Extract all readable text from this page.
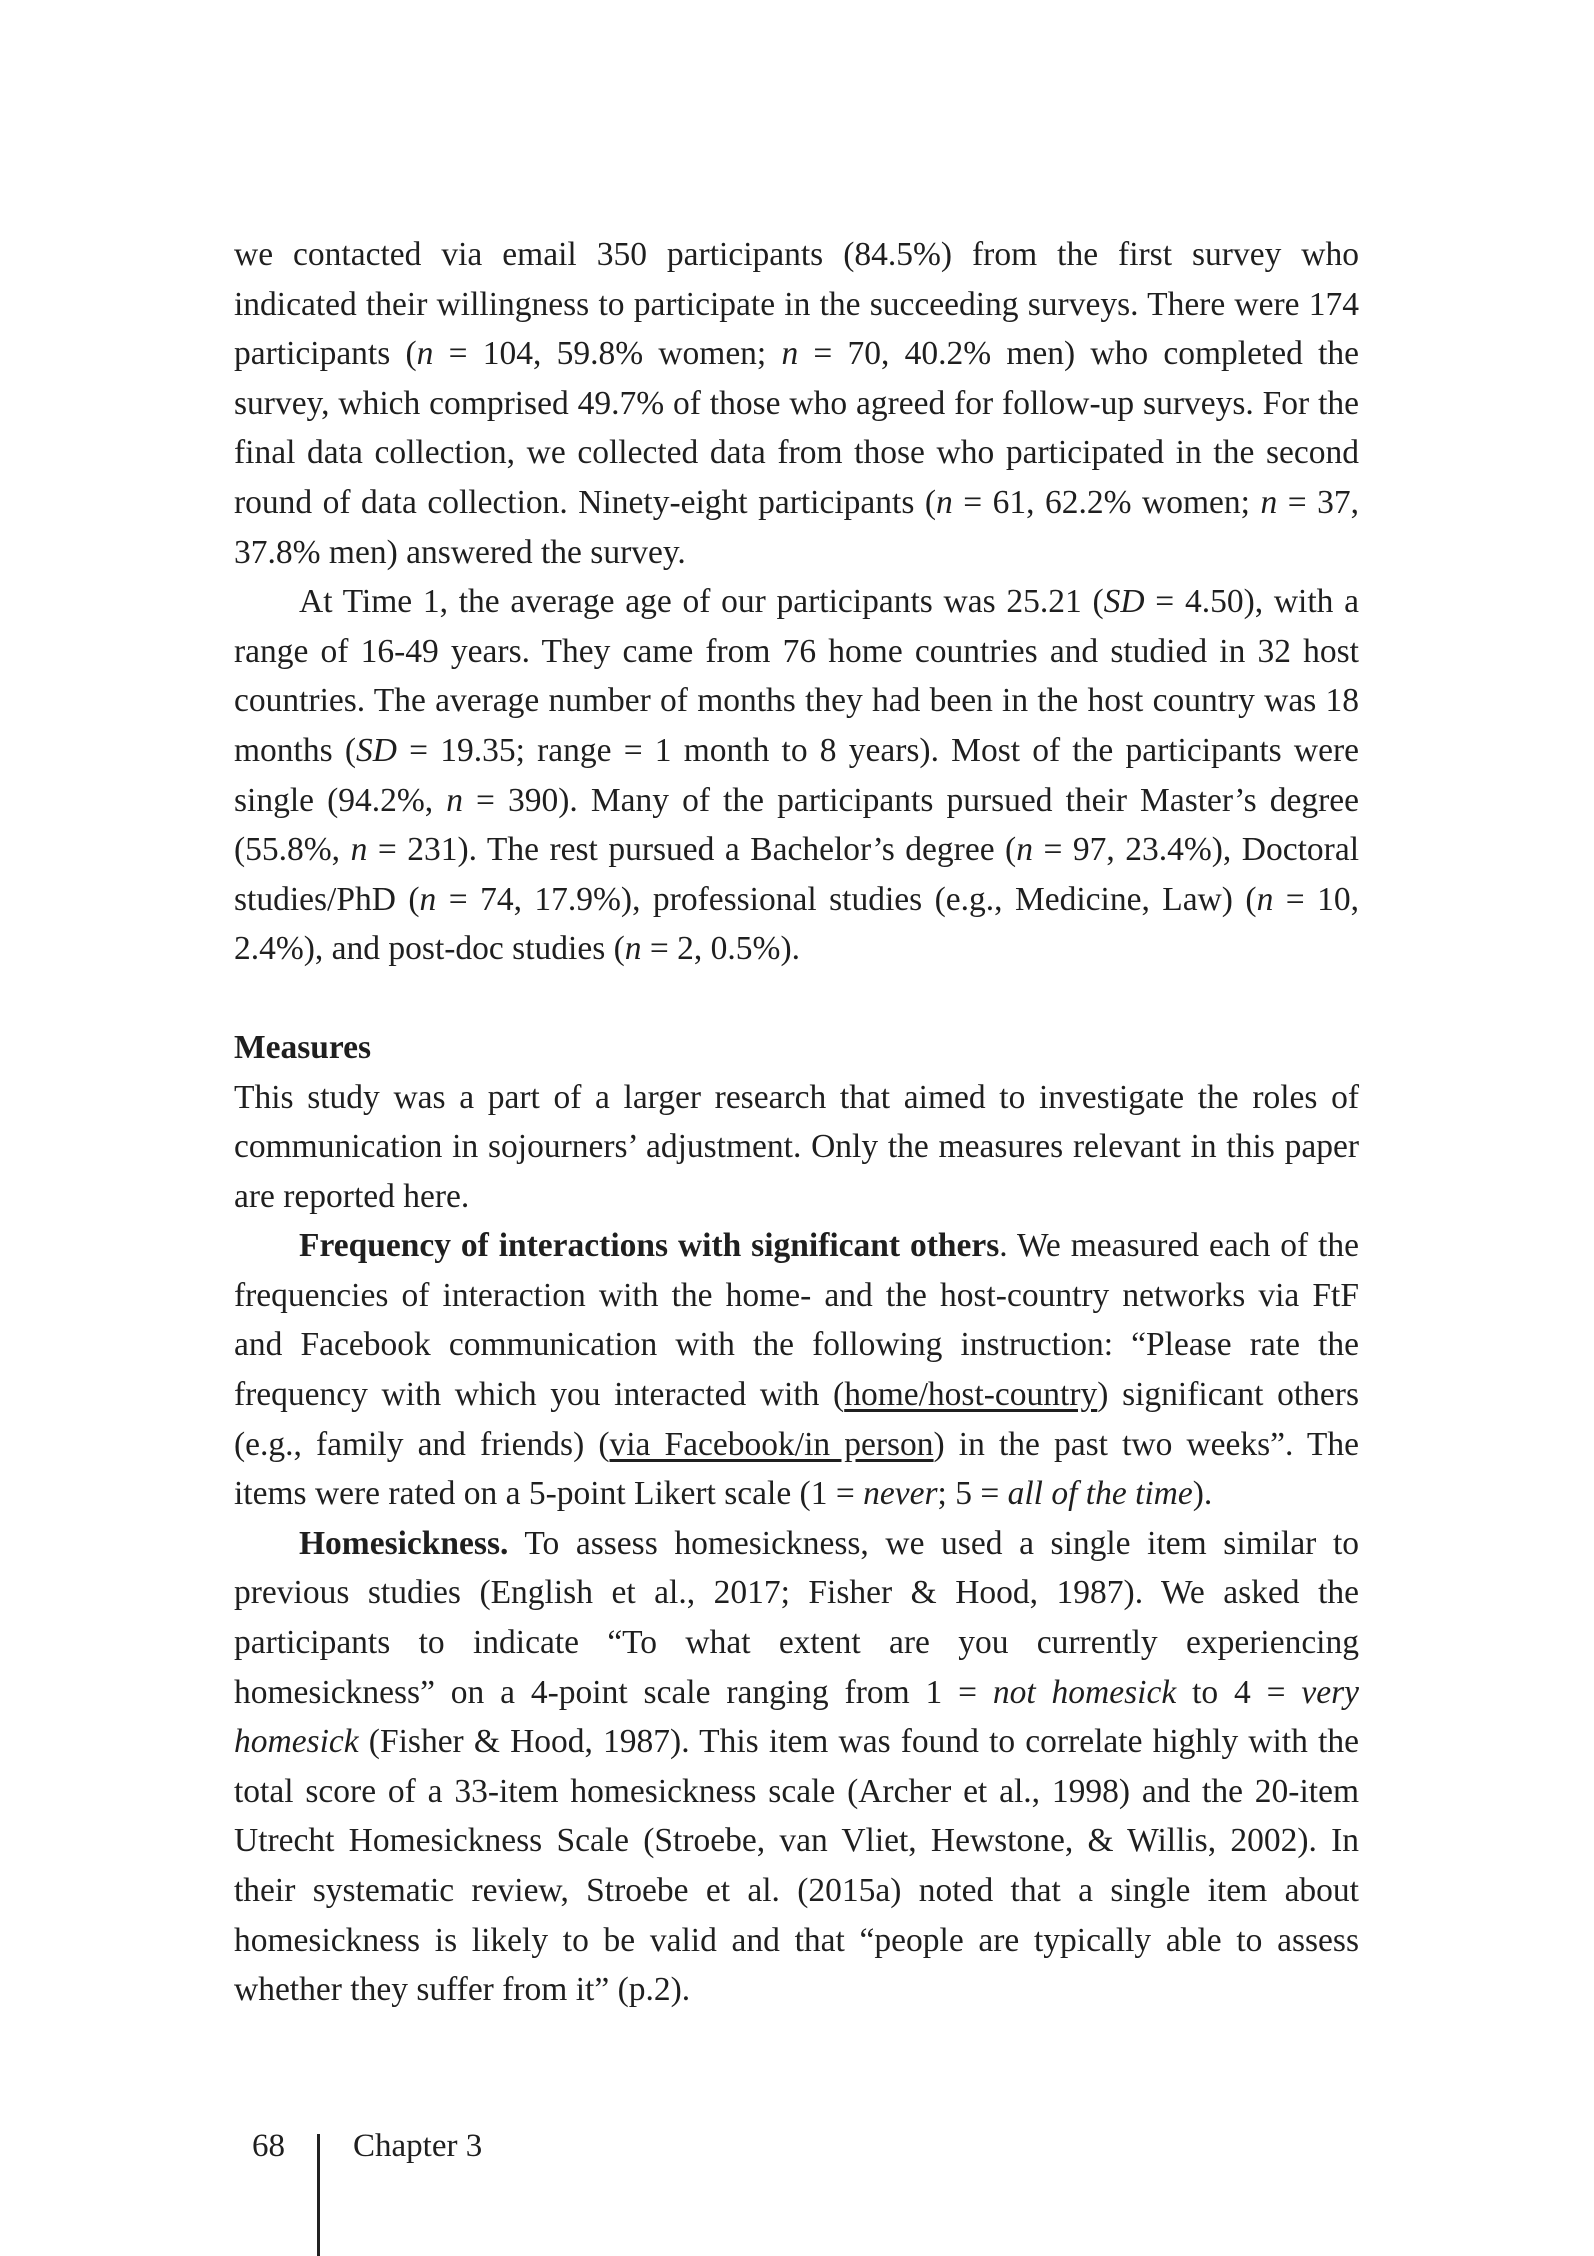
we contacted via email 350 participants (84.5%) from the first survey who indicated their willingness to participate in the succeeding surveys. There were 174 participants (n = 104, 59.8% women; n = 70, 40.2% men) who completed the survey, which comprised 49.7% of those who agreed for follow-up surveys. For the final data collection, we collected data from those who participated in the second round of data collection. Ninety-eight participants (n = 61, 62.2% women; n = 37, 37.8% men) answered the survey.

At Time 1, the average age of our participants was 25.21 (SD = 4.50), with a range of 16-49 years. They came from 76 home countries and studied in 32 host countries. The average number of months they had been in the host country was 18 months (SD = 19.35; range = 1 month to 8 years). Most of the participants were single (94.2%, n = 390). Many of the participants pursued their Master’s degree (55.8%, n = 231). The rest pursued a Bachelor’s degree (n = 97, 23.4%), Doctoral studies/PhD (n = 74, 17.9%), professional studies (e.g., Medicine, Law) (n = 10, 2.4%), and post-doc studies (n = 2, 0.5%).

Measures

This study was a part of a larger research that aimed to investigate the roles of communication in sojourners’ adjustment. Only the measures relevant in this paper are reported here.

Frequency of interactions with significant others. We measured each of the frequencies of interaction with the home- and the host-country networks via FtF and Facebook communication with the following instruction: “Please rate the frequency with which you interacted with (home/host-country) significant others (e.g., family and friends) (via Facebook/in person) in the past two weeks”. The items were rated on a 5-point Likert scale (1 = never; 5 = all of the time).

Homesickness. To assess homesickness, we used a single item similar to previous studies (English et al., 2017; Fisher & Hood, 1987). We asked the participants to indicate “To what extent are you currently experiencing homesickness” on a 4-point scale ranging from 1 = not homesick to 4 = very homesick (Fisher & Hood, 1987). This item was found to correlate highly with the total score of a 33-item homesickness scale (Archer et al., 1998) and the 20-item Utrecht Homesickness Scale (Stroebe, van Vliet, Hewstone, & Willis, 2002). In their systematic review, Stroebe et al. (2015a) noted that a single item about homesickness is likely to be valid and that “people are typically able to assess whether they suffer from it” (p.2).

68 Chapter 3
